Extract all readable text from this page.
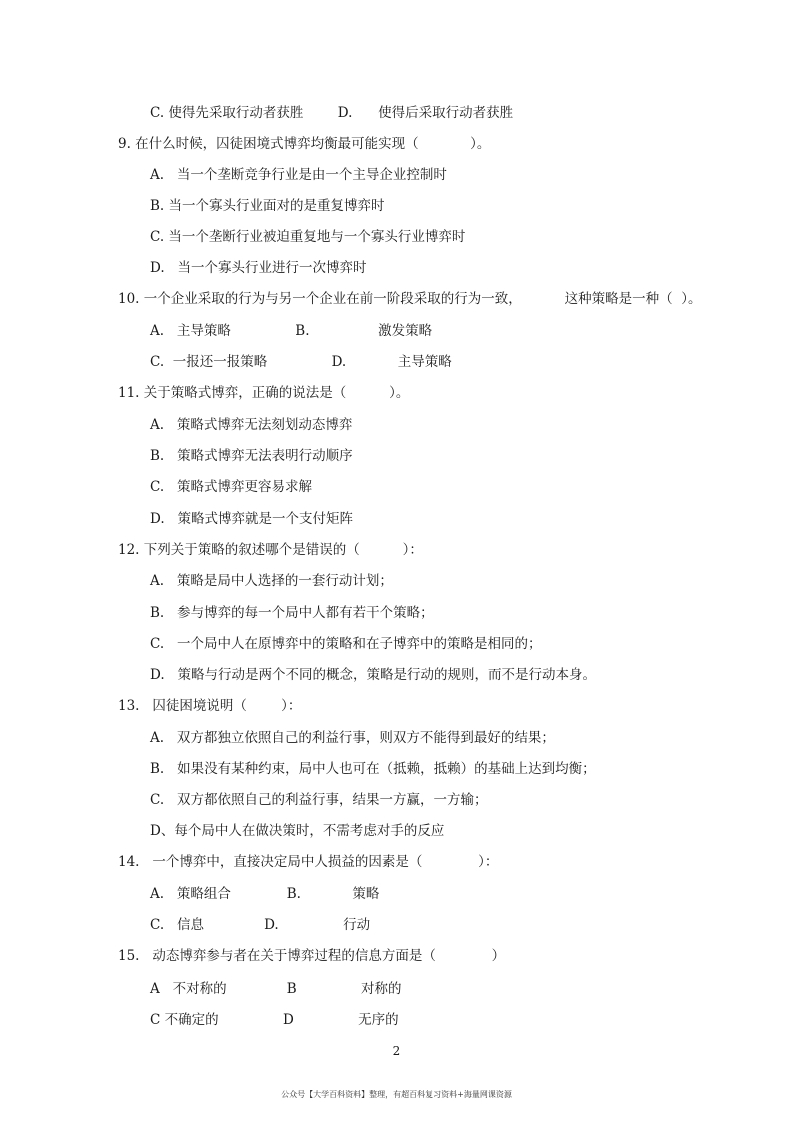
C. 使得先采取行动者获胜        D.      使得后采取行动者获胜
9. 在什么时候，囚徒困境式博弈均衡最可能实现（            ）。
A.   当一个垄断竞争行业是由一个主导企业控制时
B. 当一个寡头行业面对的是重复博弈时
C. 当一个垄断行业被迫重复地与一个寡头行业博弈时
D.   当一个寡头行业进行一次博弈时
10. 一个企业采取的行为与另一个企业在前一阶段采取的行为一致，          这种策略是一种（  ）。
A.   主导策略               B.                激发策略
C.  一报还一报策略               D.            主导策略
11. 关于策略式博弈，正确的说法是（          ）。
A.   策略式博弈无法刻划动态博弈
B.   策略式博弈无法表明行动顺序
C.   策略式博弈更容易求解
D.   策略式博弈就是一个支付矩阵
12. 下列关于策略的叙述哪个是错误的（          ）：
A.   策略是局中人选择的一套行动计划；
B.   参与博弈的每一个局中人都有若干个策略；
C.   一个局中人在原博弈中的策略和在子博弈中的策略是相同的；
D.   策略与行动是两个不同的概念，策略是行动的规则，而不是行动本身。
13.   囚徒困境说明（        ）：
A.   双方都独立依照自己的利益行事，则双方不能得到最好的结果；
B.   如果没有某种约束，局中人也可在（抵赖，抵赖）的基础上达到均衡；
C.   双方都依照自己的利益行事，结果一方赢，一方输；
D、每个局中人在做决策时，不需考虑对手的反应
14.   一个博弈中，直接决定局中人损益的因素是（             ）：
A.   策略组合             B.            策略
C.   信息              D.               行动
15.   动态博弈参与者在关于博弈过程的信息方面是（             ）
A   不对称的              B               对称的
C 不确定的               D               无序的
2
公众号【大学百科资料】整理，有超百科复习资料+海量网课资源
